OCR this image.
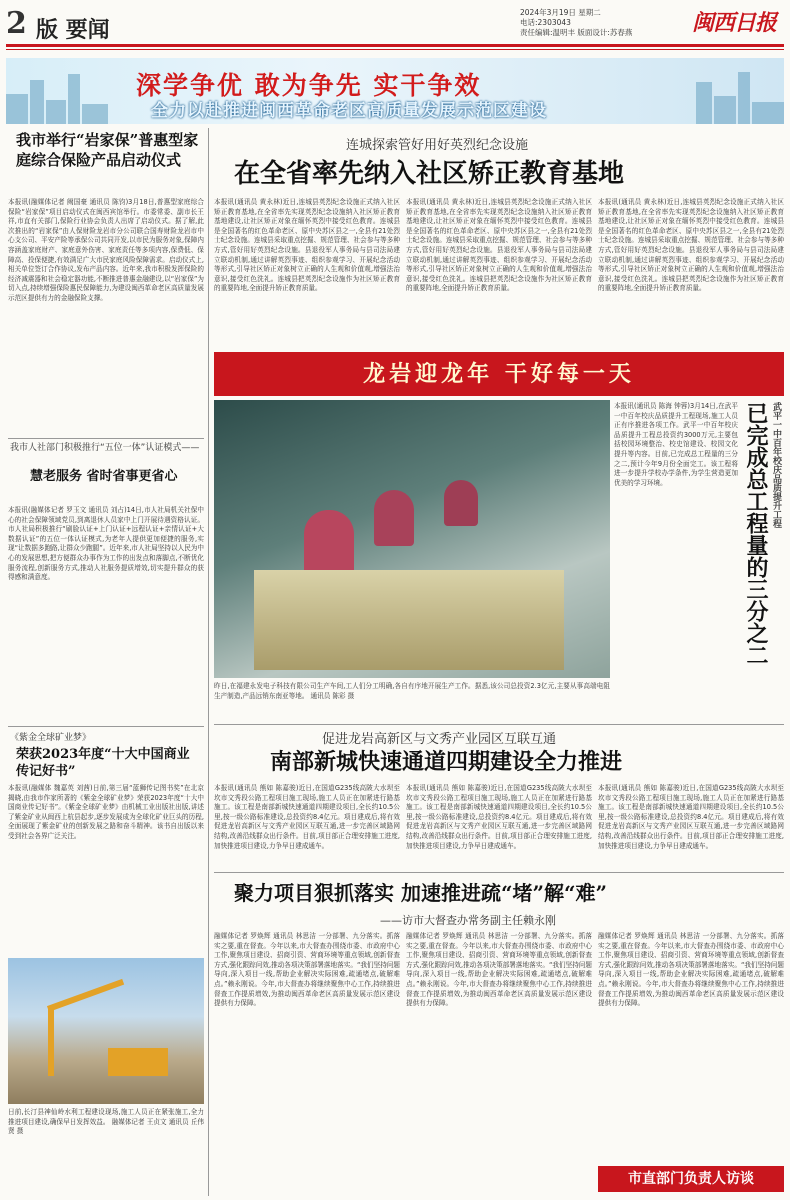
2 版 要闻
2024年3月19日 星期二
电话:2303043
责任编辑:温明丰 版面设计:苏春燕	闽西日报
深学争优 敢为争先 实干争效
全力以赴推进闽西革命老区高质量发展示范区建设
我市举行“岩家保”普惠型家庭综合保险产品启动仪式
本报讯(融媒体记者 阙国豪 通讯员 陈钧)3月18日,普惠型家庭综合保险“岩家保”项目启动仪式在闽西宾馆举行。市委常委、副市长王祥,市直有关部门,保险行业协会负责人出席了启动仪式。据了解,此次推出的“岩家保”由人保财险龙岩市分公司联合国寿财险龙岩市中心支公司、平安产险等承保公司共同开发,以市民为服务对象,保障内容涵盖家庭财产、家庭意外伤害、家庭责任等多项内容,保费低、保障高、投保便捷,有效满足广大市民家庭风险保障需求。启动仪式上,相关单位签订合作协议,发布产品内容。近年来,我市积极发挥保险的经济减震器和社会稳定器功能,不断推进普惠金融建设,以“岩家保”为切入点,持续增强保险惠民保障能力,为建设闽西革命老区高质量发展示范区提供有力的金融保险支撑。
我市人社部门积极推行“五位一体”认证模式——
慧老服务 省时省事更省心
本报讯(融媒体记者 罗玉文 通讯员 刘占)14日,市人社局机关社保中心的社会保障领域党员,到离退休人员家中上门开展待遇资格认证。市人社局积极推行“刷脸认证+上门认证+远程认证+亲情认证+大数据认证”的五位一体认证模式,为老年人提供更加便捷的服务,实现“让数据多跑路,让群众少跑腿”。近年来,市人社局坚持以人民为中心的发展思想,把方便群众办事作为工作的出发点和落脚点,不断优化服务流程,创新服务方式,推动人社服务提质增效,切实提升群众的获得感和满意度。
《紫金全球矿业梦》
荣获2023年度“十大中国商业传记好书”
本报讯(融媒体 魏嘉英 刘茜)日前,第三届“蓝狮传记图书奖”在北京揭晓,由我市作家所著的《紫金全球矿业梦》荣获2023年度“十大中国商业传记好书”。《紫金全球矿业梦》由机械工业出版社出版,讲述了紫金矿业从闽西上杭县起步,逐步发展成为全球化矿业巨头的历程,全面展现了紫金矿业的创新发展之路和奋斗精神。该书自出版以来受到社会各界广泛关注。
日前,长汀县神仙岭水利工程建设现场,施工人员正在紧张施工,全力推进项目建设,确保早日发挥效益。 融媒体记者 王贞文 通讯员 丘伟贤 摄
连城探索管好用好英烈纪念设施
在全省率先纳入社区矫正教育基地
本报讯(通讯员 黄永林)近日,连城县英烈纪念设施正式纳入社区矫正教育基地,在全省率先实现英烈纪念设施纳入社区矫正教育基地建设,让社区矫正对象在缅怀英烈中接受红色教育。连城县是全国著名的红色革命老区、原中央苏区县之一,全县有21处烈士纪念设施。连城县采取重点挖掘、规范管理、社会参与等多种方式,管好用好英烈纪念设施。县退役军人事务局与县司法局建立联动机制,通过讲解英烈事迹、组织参观学习、开展纪念活动等形式,引导社区矫正对象树立正确的人生观和价值观,增强法治意识,接受红色洗礼。连城县把英烈纪念设施作为社区矫正教育的重要阵地,全面提升矫正教育质量。
本报讯(通讯员 黄永林)近日,连城县英烈纪念设施正式纳入社区矫正教育基地,在全省率先实现英烈纪念设施纳入社区矫正教育基地建设,让社区矫正对象在缅怀英烈中接受红色教育。连城县是全国著名的红色革命老区、原中央苏区县之一,全县有21处烈士纪念设施。连城县采取重点挖掘、规范管理、社会参与等多种方式,管好用好英烈纪念设施。县退役军人事务局与县司法局建立联动机制,通过讲解英烈事迹、组织参观学习、开展纪念活动等形式,引导社区矫正对象树立正确的人生观和价值观,增强法治意识,接受红色洗礼。连城县把英烈纪念设施作为社区矫正教育的重要阵地,全面提升矫正教育质量。
本报讯(通讯员 黄永林)近日,连城县英烈纪念设施正式纳入社区矫正教育基地,在全省率先实现英烈纪念设施纳入社区矫正教育基地建设,让社区矫正对象在缅怀英烈中接受红色教育。连城县是全国著名的红色革命老区、原中央苏区县之一,全县有21处烈士纪念设施。连城县采取重点挖掘、规范管理、社会参与等多种方式,管好用好英烈纪念设施。县退役军人事务局与县司法局建立联动机制,通过讲解英烈事迹、组织参观学习、开展纪念活动等形式,引导社区矫正对象树立正确的人生观和价值观,增强法治意识,接受红色洗礼。连城县把英烈纪念设施作为社区矫正教育的重要阵地,全面提升矫正教育质量。
龙岩迎龙年 干好每一天
昨日,在福建永发电子科技有限公司生产车间,工人们分工明确,各自有序地开展生产工作。据悉,该公司总投资2.3亿元,主要从事高端电阻生产制造,产品远销东南亚等地。 通讯员 陈彩 摄
已完成总工程量的三分之二 武平一中百年校庆品质提升工程
本报讯(通讯员 陈海 钟蓉)3月14日,在武平一中百年校庆品质提升工程现场,施工人员正有序推进各项工作。武平一中百年校庆品质提升工程总投资约3000万元,主要包括校园环境整治、校史馆建设、校园文化提升等内容。目前,已完成总工程量的三分之二,预计今年9月份全面完工。该工程将进一步提升学校办学条件,为学生营造更加优美的学习环境。
促进龙岩高新区与文秀产业园区互联互通
南部新城快速通道四期建设全力推进
本报讯(通讯员 熊如 陈嘉骏)近日,在国道G235线高陂大水坝至坎市文秀段公路工程项目施工现场,施工人员正在加紧进行路基施工。该工程是南部新城快速通道四期建设项目,全长约10.5公里,按一级公路标准建设,总投资约8.4亿元。项目建成后,将有效促进龙岩高新区与文秀产业园区互联互通,进一步完善区域路网结构,改善沿线群众出行条件。目前,项目部正合理安排施工进度,加快推进项目建设,力争早日建成通车。
本报讯(通讯员 熊如 陈嘉骏)近日,在国道G235线高陂大水坝至坎市文秀段公路工程项目施工现场,施工人员正在加紧进行路基施工。该工程是南部新城快速通道四期建设项目,全长约10.5公里,按一级公路标准建设,总投资约8.4亿元。项目建成后,将有效促进龙岩高新区与文秀产业园区互联互通,进一步完善区域路网结构,改善沿线群众出行条件。目前,项目部正合理安排施工进度,加快推进项目建设,力争早日建成通车。
本报讯(通讯员 熊如 陈嘉骏)近日,在国道G235线高陂大水坝至坎市文秀段公路工程项目施工现场,施工人员正在加紧进行路基施工。该工程是南部新城快速通道四期建设项目,全长约10.5公里,按一级公路标准建设,总投资约8.4亿元。项目建成后,将有效促进龙岩高新区与文秀产业园区互联互通,进一步完善区域路网结构,改善沿线群众出行条件。目前,项目部正合理安排施工进度,加快推进项目建设,力争早日建成通车。
聚力项目狠抓落实 加速推进疏“堵”解“难”
——访市大督查办常务副主任赖永刚
融媒体记者 罗焕辉 通讯员 林思洁 一分部署、九分落实。抓落实之要,重在督查。今年以来,市大督查办围绕市委、市政府中心工作,聚焦项目建设、招商引资、营商环境等重点领域,创新督查方式,强化跟踪问效,推动各项决策部署落地落实。“我们坚持问题导向,深入项目一线,帮助企业解决实际困难,疏通堵点,破解难点。”赖永刚说。今年,市大督查办将继续聚焦中心工作,持续推进督查工作提质增效,为推动闽西革命老区高质量发展示范区建设提供有力保障。
融媒体记者 罗焕辉 通讯员 林思洁 一分部署、九分落实。抓落实之要,重在督查。今年以来,市大督查办围绕市委、市政府中心工作,聚焦项目建设、招商引资、营商环境等重点领域,创新督查方式,强化跟踪问效,推动各项决策部署落地落实。“我们坚持问题导向,深入项目一线,帮助企业解决实际困难,疏通堵点,破解难点。”赖永刚说。今年,市大督查办将继续聚焦中心工作,持续推进督查工作提质增效,为推动闽西革命老区高质量发展示范区建设提供有力保障。
融媒体记者 罗焕辉 通讯员 林思洁 一分部署、九分落实。抓落实之要,重在督查。今年以来,市大督查办围绕市委、市政府中心工作,聚焦项目建设、招商引资、营商环境等重点领域,创新督查方式,强化跟踪问效,推动各项决策部署落地落实。“我们坚持问题导向,深入项目一线,帮助企业解决实际困难,疏通堵点,破解难点。”赖永刚说。今年,市大督查办将继续聚焦中心工作,持续推进督查工作提质增效,为推动闽西革命老区高质量发展示范区建设提供有力保障。
市直部门负责人访谈
